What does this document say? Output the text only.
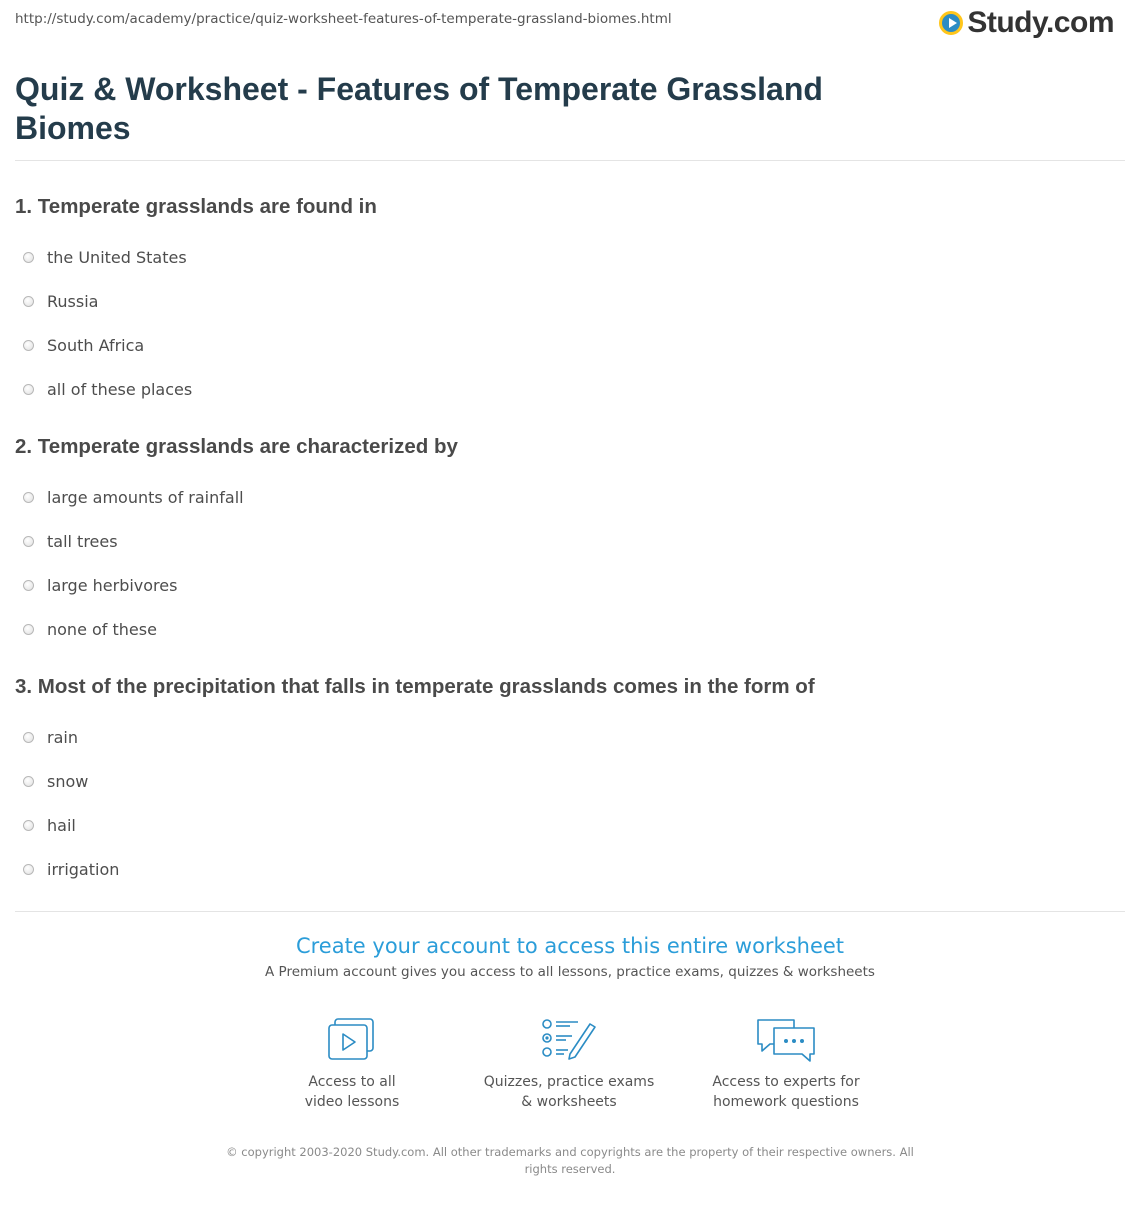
http://study.com/academy/practice/quiz-worksheet-features-of-temperate-grassland-biomes.html	Study.com
Quiz & Worksheet - Features of Temperate Grassland Biomes
1. Temperate grasslands are found in
the United States
Russia
South Africa
all of these places
2. Temperate grasslands are characterized by
large amounts of rainfall
tall trees
large herbivores
none of these
3. Most of the precipitation that falls in temperate grasslands comes in the form of
rain
snow
hail
irrigation
Create your account to access this entire worksheet
A Premium account gives you access to all lessons, practice exams, quizzes & worksheets
Access to all
video lessons
Quizzes, practice exams
& worksheets
Access to experts for
homework questions
© copyright 2003-2020 Study.com. All other trademarks and copyrights are the property of their respective owners. All rights reserved.
